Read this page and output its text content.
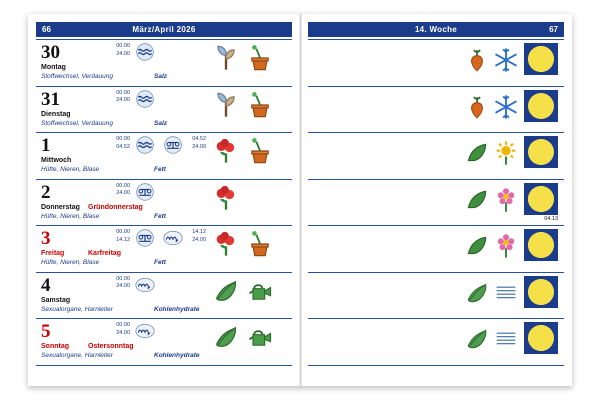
66	März/April 2026
30
Montag
Stoffwechsel, Verdauung	Salz
00.00
24.00
31
Dienstag
Stoffwechsel, Verdauung	Salz
00.00
24.00
1
Mittwoch
Hüfte, Nieren, Blase	Fett
00.00
04.52
04.52
24.00
2
Donnerstag Gründonnerstag
Hüfte, Nieren, Blase	Fett
00.00
24.00
3
Freitag	Karfreitag
Hüfte, Nieren, Blase	Fett
00.00
14.12
14.12
24.00
4
Samstag
Sexualorgane, Harnleiter	Kohlenhydrate
00.00
24.00
5
Sonntag	Ostersonntag
Sexualorgane, Harnleiter	Kohlenhydrate
00.00
24.00
14. Woche	67
04.13
